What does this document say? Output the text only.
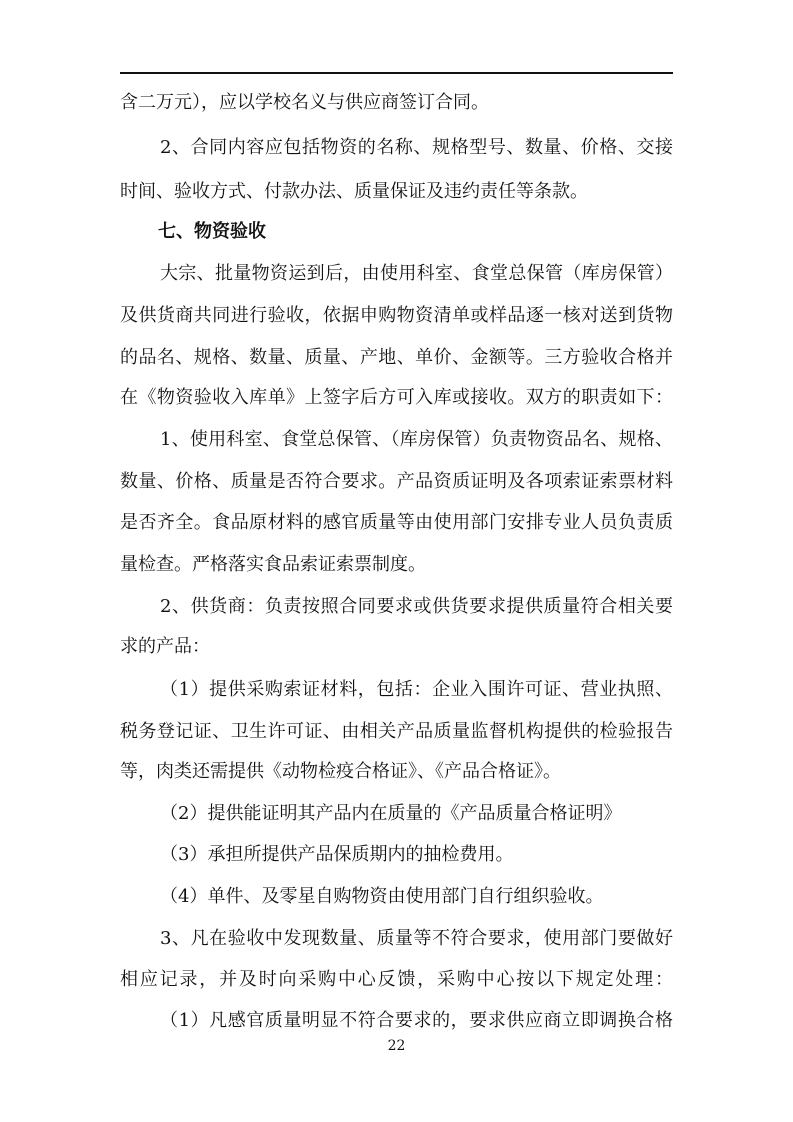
含二万元），应以学校名义与供应商签订合同。
2、合同内容应包括物资的名称、规格型号、数量、价格、交接
时间、验收方式、付款办法、质量保证及违约责任等条款。
七、物资验收
大宗、批量物资运到后，由使用科室、食堂总保管（库房保管）
及供货商共同进行验收，依据申购物资清单或样品逐一核对送到货物
的品名、规格、数量、质量、产地、单价、金额等。三方验收合格并
在《物资验收入库单》上签字后方可入库或接收。双方的职责如下：
1、使用科室、食堂总保管、（库房保管）负责物资品名、规格、
数量、价格、质量是否符合要求。产品资质证明及各项索证索票材料
是否齐全。食品原材料的感官质量等由使用部门安排专业人员负责质
量检查。严格落实食品索证索票制度。
2、供货商：负责按照合同要求或供货要求提供质量符合相关要
求的产品：
（1）提供采购索证材料，包括：企业入围许可证、营业执照、
税务登记证、卫生许可证、由相关产品质量监督机构提供的检验报告
等，肉类还需提供《动物检疫合格证》、《产品合格证》。
（2）提供能证明其产品内在质量的《产品质量合格证明》
（3）承担所提供产品保质期内的抽检费用。
（4）单件、及零星自购物资由使用部门自行组织验收。
3、凡在验收中发现数量、质量等不符合要求，使用部门要做好
相应记录，并及时向采购中心反馈，采购中心按以下规定处理：
（1）凡感官质量明显不符合要求的，要求供应商立即调换合格
22
